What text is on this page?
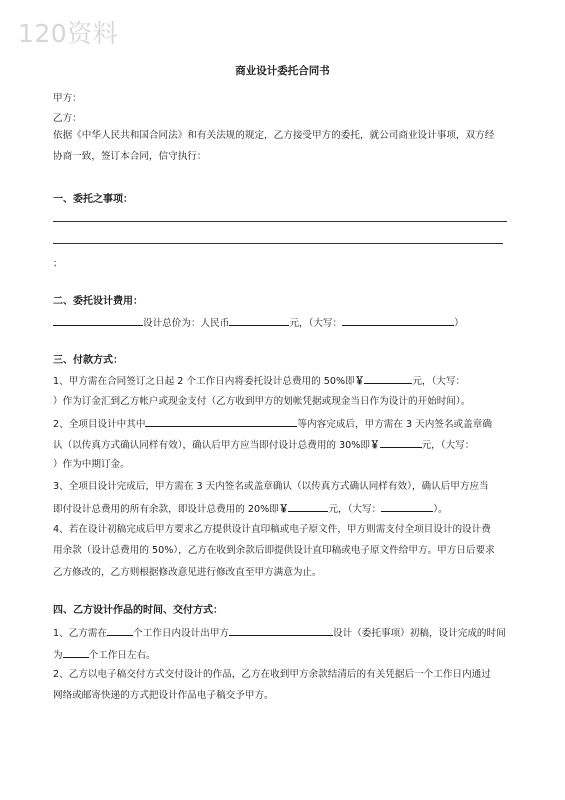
120资料
商业设计委托合同书
甲方：
乙方：
依据《中华人民共和国合同法》和有关法规的规定，乙方接受甲方的委托，就公司商业设计事项，双方经
协商一致，签订本合同，信守执行：
一、委托之事项：
；
二、委托设计费用：
设计总价为：人民币	元，（大写：	）
三、付款方式：
1、甲方需在合同签订之日起 2 个工作日内将委托设计总费用的 50%即￥	元，（大写：
）作为订金汇到乙方帐户或现金支付（乙方收到甲方的划帐凭据或现金当日作为设计的开始时间）。
2、全项目设计中其中	等内容完成后，甲方需在 3 天内签名或盖章确
认（以传真方式确认同样有效），确认后甲方应当即付设计总费用的 30%即￥	元，（大写：
）作为中期订金。
3、全项目设计完成后，甲方需在 3 天内签名或盖章确认（以传真方式确认同样有效），确认后甲方应当
即付设计总费用的所有余款，即设计总费用的 20%即￥	元，（大写：	）。
4、若在设计初稿完成后甲方要求乙方提供设计直印稿或电子原文件，甲方则需支付全项目设计的设计费
用余款（设计总费用的 50%），乙方在收到余款后即提供设计直印稿或电子原文件给甲方。甲方日后要求
乙方修改的，乙方则根据修改意见进行修改直至甲方满意为止。
四、乙方设计作品的时间、交付方式：
1、乙方需在	个工作日内设计出甲方	设计（委托事项）初稿，设计完成的时间
为	个工作日左右。
2、乙方以电子稿交付方式交付设计的作品，乙方在收到甲方余款结清后的有关凭据后一个工作日内通过
网络或邮寄快递的方式把设计作品电子稿交予甲方。
